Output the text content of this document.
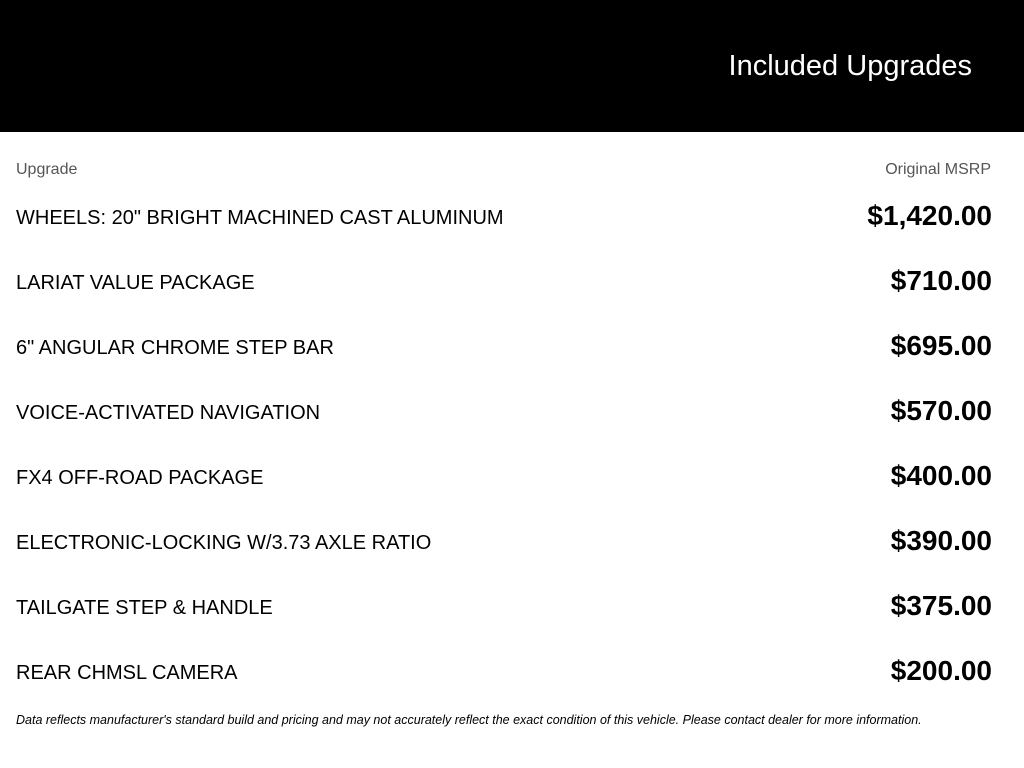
Included Upgrades
Upgrade	Original MSRP
WHEELS: 20" BRIGHT MACHINED CAST ALUMINUM	$1,420.00
LARIAT VALUE PACKAGE	$710.00
6" ANGULAR CHROME STEP BAR	$695.00
VOICE-ACTIVATED NAVIGATION	$570.00
FX4 OFF-ROAD PACKAGE	$400.00
ELECTRONIC-LOCKING W/3.73 AXLE RATIO	$390.00
TAILGATE STEP & HANDLE	$375.00
REAR CHMSL CAMERA	$200.00
Data reflects manufacturer's standard build and pricing and may not accurately reflect the exact condition of this vehicle. Please contact dealer for more information.
